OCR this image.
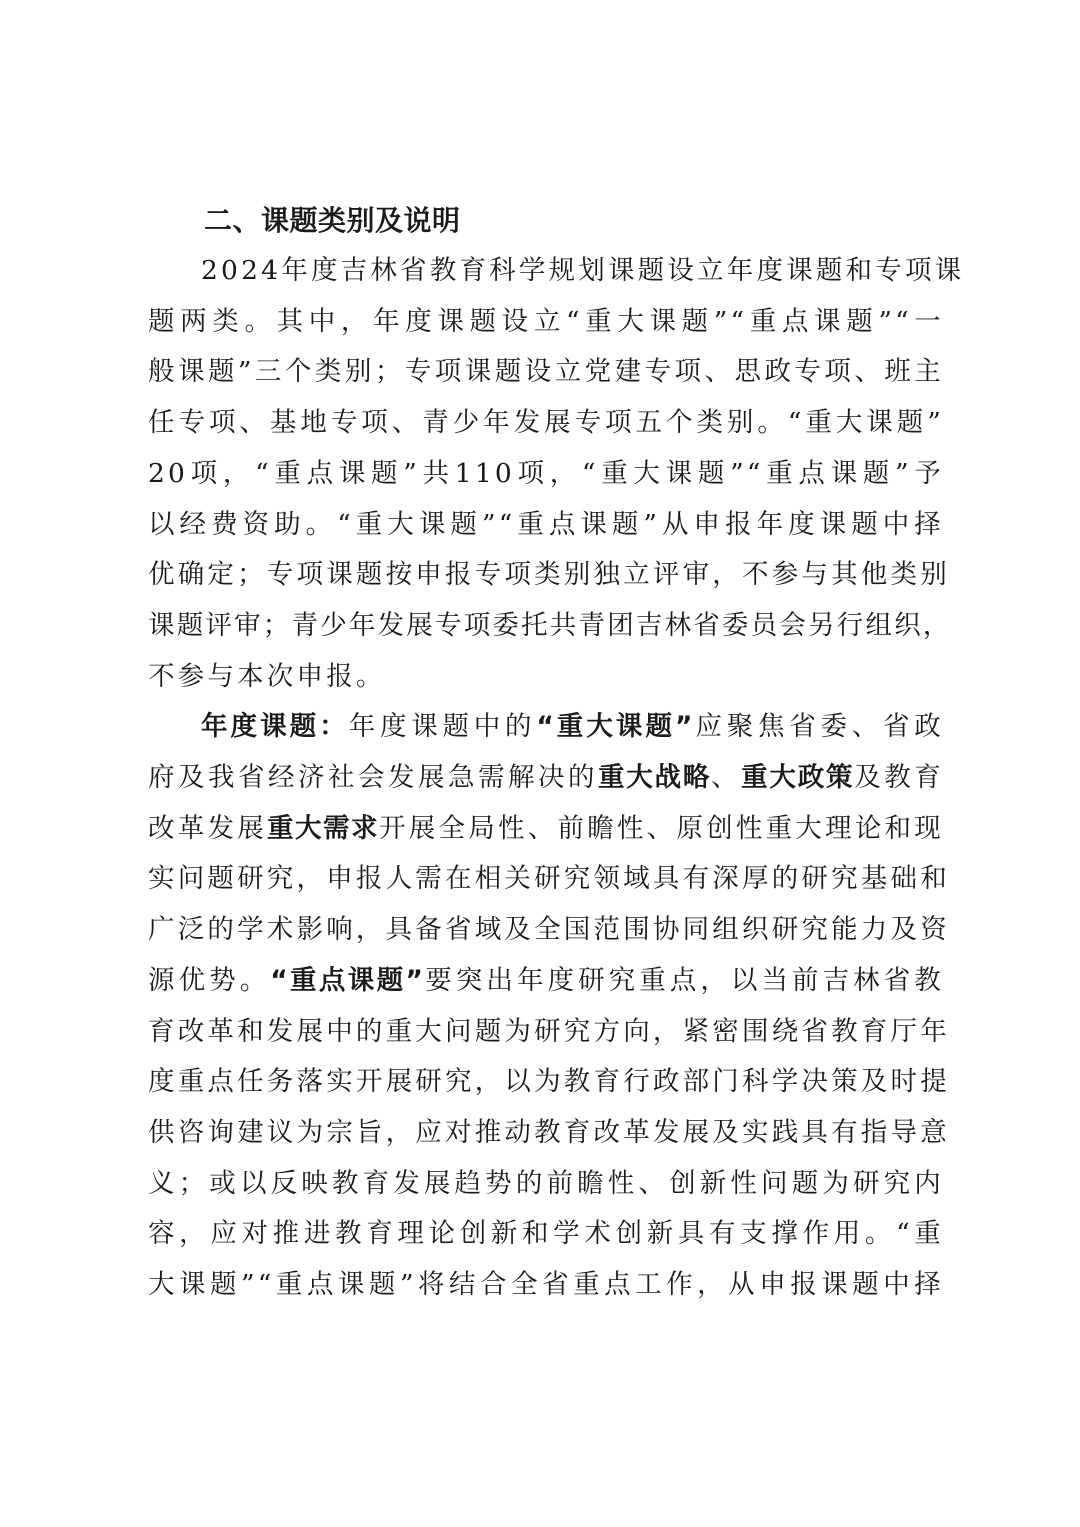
二、课题类别及说明
2024年度吉林省教育科学规划课题设立年度课题和专项课
题两类。其中，年度课题设立“重大课题”“重点课题”“一
般课题”三个类别；专项课题设立党建专项、思政专项、班主
任专项、基地专项、青少年发展专项五个类别。“重大课题”
20项，“重点课题”共110项，“重大课题”“重点课题”予
以经费资助。“重大课题”“重点课题”从申报年度课题中择
优确定；专项课题按申报专项类别独立评审，不参与其他类别
课题评审；青少年发展专项委托共青团吉林省委员会另行组织，
不参与本次申报。
年度课题：年度课题中的“重大课题”应聚焦省委、省政
府及我省经济社会发展急需解决的重大战略、重大政策及教育
改革发展重大需求开展全局性、前瞻性、原创性重大理论和现
实问题研究，申报人需在相关研究领域具有深厚的研究基础和
广泛的学术影响，具备省域及全国范围协同组织研究能力及资
源优势。“重点课题”要突出年度研究重点，以当前吉林省教
育改革和发展中的重大问题为研究方向，紧密围绕省教育厅年
度重点任务落实开展研究，以为教育行政部门科学决策及时提
供咨询建议为宗旨，应对推动教育改革发展及实践具有指导意
义；或以反映教育发展趋势的前瞻性、创新性问题为研究内
容，应对推进教育理论创新和学术创新具有支撑作用。“重
大课题”“重点课题”将结合全省重点工作，从申报课题中择
